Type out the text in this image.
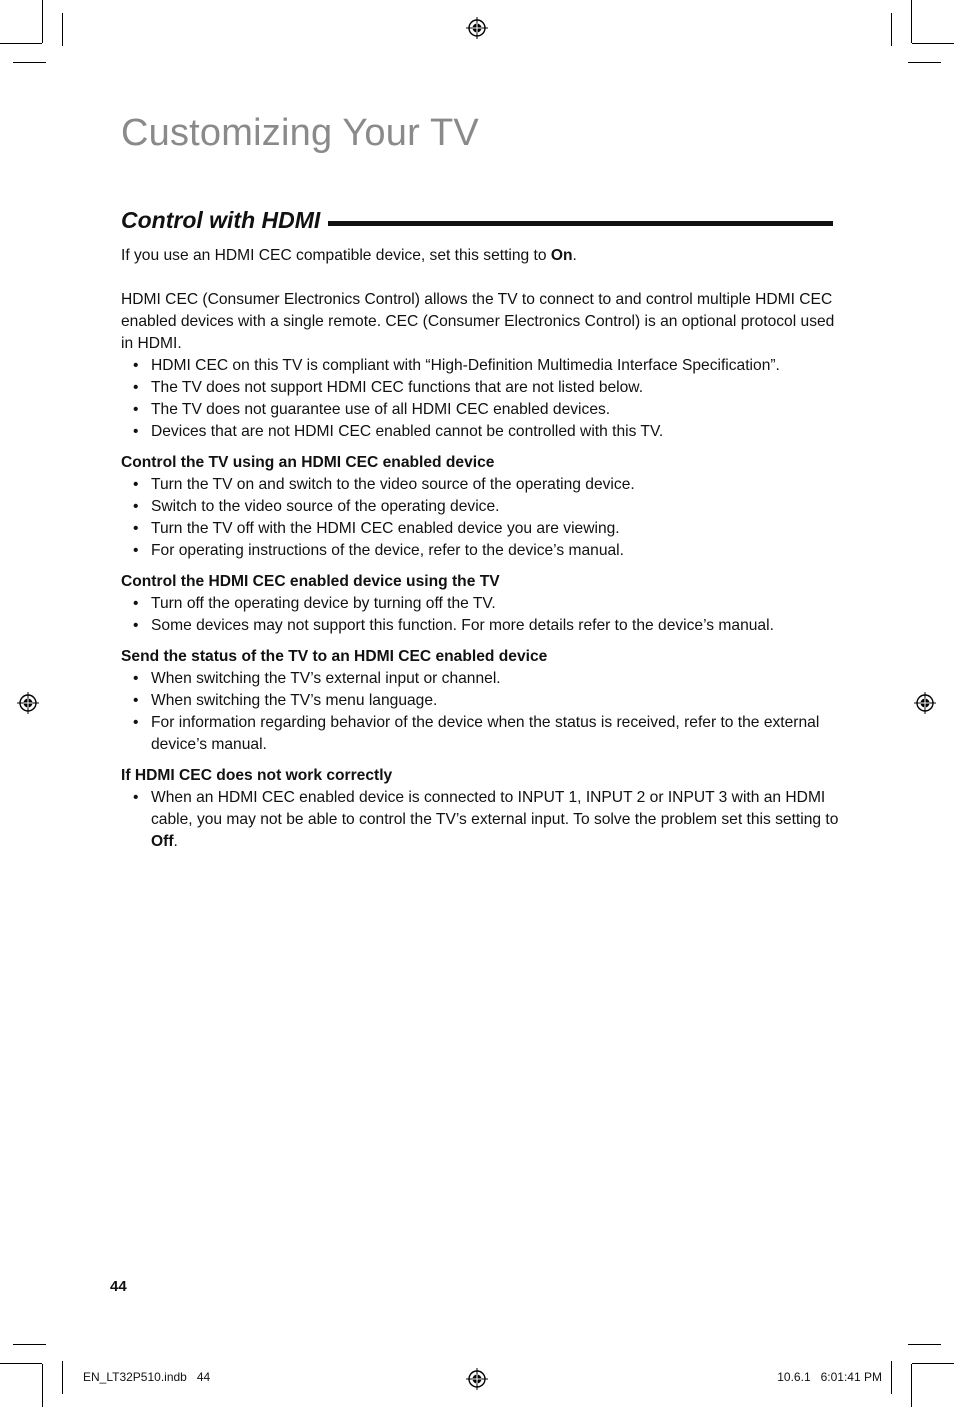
Customizing Your TV
Control with HDMI

If you use an HDMI CEC compatible device, set this setting to On.

HDMI CEC (Consumer Electronics Control) allows the TV to connect to and control multiple HDMI CEC enabled devices with a single remote. CEC (Consumer Electronics Control) is an optional protocol used in HDMI.

• HDMI CEC on this TV is compliant with “High-Definition Multimedia Interface Specification”.
• The TV does not support HDMI CEC functions that are not listed below.
• The TV does not guarantee use of all HDMI CEC enabled devices.
• Devices that are not HDMI CEC enabled cannot be controlled with this TV.

Control the TV using an HDMI CEC enabled device

• Turn the TV on and switch to the video source of the operating device.
• Switch to the video source of the operating device.
• Turn the TV off with the HDMI CEC enabled device you are viewing.
• For operating instructions of the device, refer to the device’s manual.

Control the HDMI CEC enabled device using the TV

• Turn off the operating device by turning off the TV.
• Some devices may not support this function. For more details refer to the device’s manual.

Send the status of the TV to an HDMI CEC enabled device

• When switching the TV’s external input or channel.
• When switching the TV’s menu language.
• For information regarding behavior of the device when the status is received, refer to the external device’s manual.

If HDMI CEC does not work correctly

• When an HDMI CEC enabled device is connected to INPUT 1, INPUT 2 or INPUT 3 with an HDMI cable, you may not be able to control the TV’s external input. To solve the problem set this setting to Off.
44
EN_LT32P510.indb   44	10.6.1   6:01:41 PM
